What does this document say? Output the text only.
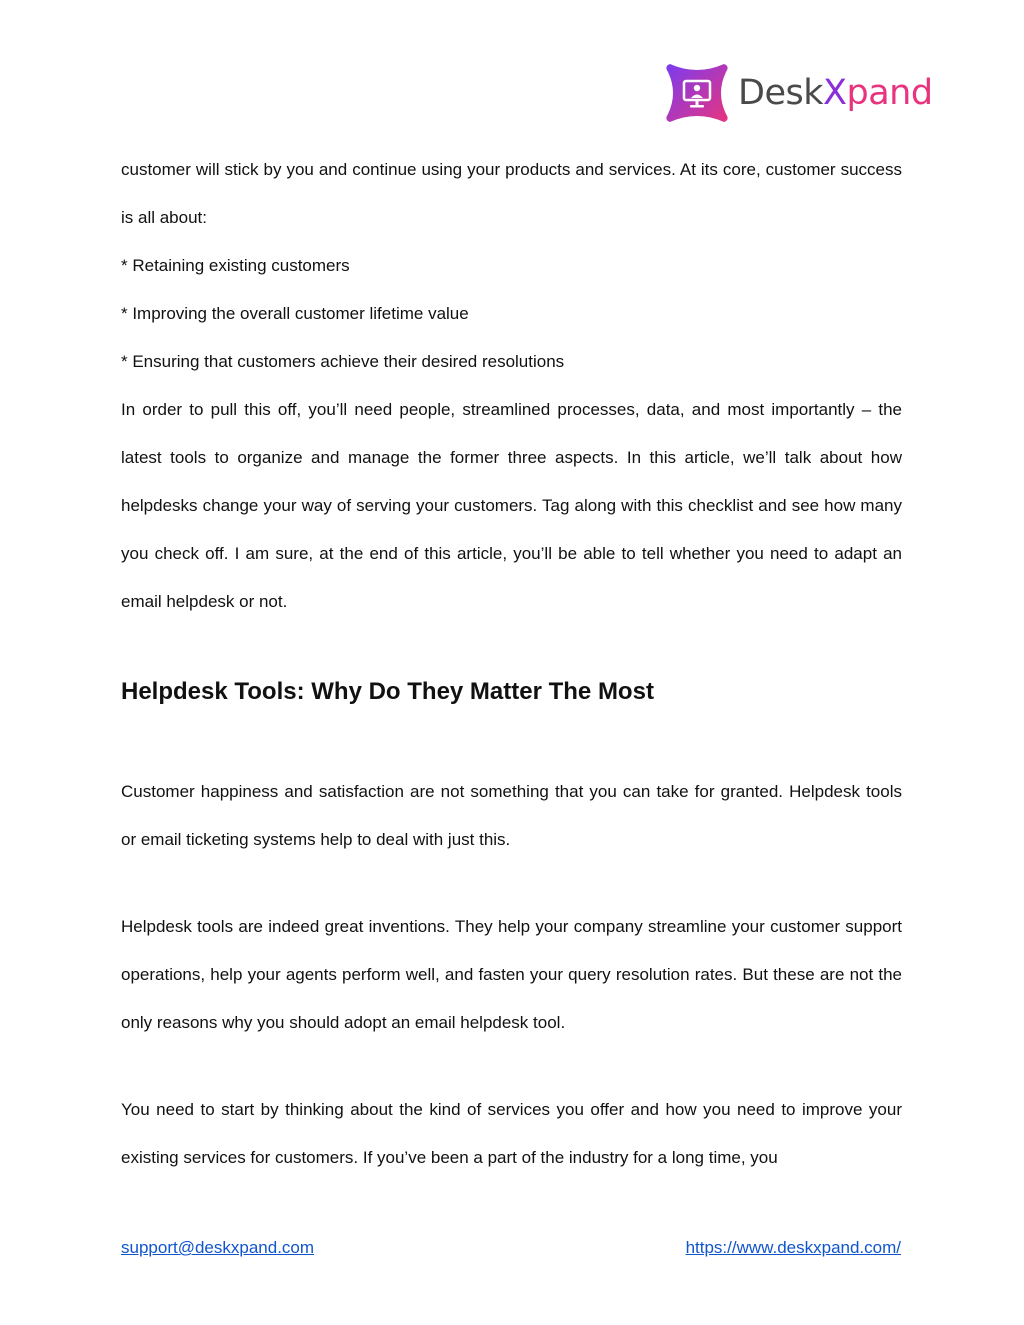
DeskXpand

customer will stick by you and continue using your products and services. At its core, customer success is all about:

* Retaining existing customers

* Improving the overall customer lifetime value

* Ensuring that customers achieve their desired resolutions

In order to pull this off, you’ll need people, streamlined processes, data, and most importantly – the latest tools to organize and manage the former three aspects. In this article, we’ll talk about how helpdesks change your way of serving your customers. Tag along with this checklist and see how many you check off. I am sure, at the end of this article, you’ll be able to tell whether you need to adapt an email helpdesk or not.

Helpdesk Tools: Why Do They Matter The Most

Customer happiness and satisfaction are not something that you can take for granted. Helpdesk tools or email ticketing systems help to deal with just this.

Helpdesk tools are indeed great inventions. They help your company streamline your customer support operations, help your agents perform well, and fasten your query resolution rates. But these are not the only reasons why you should adopt an email helpdesk tool.

You need to start by thinking about the kind of services you offer and how you need to improve your existing services for customers. If you’ve been a part of the industry for a long time, you

support@deskxpand.com	https://www.deskxpand.com/
